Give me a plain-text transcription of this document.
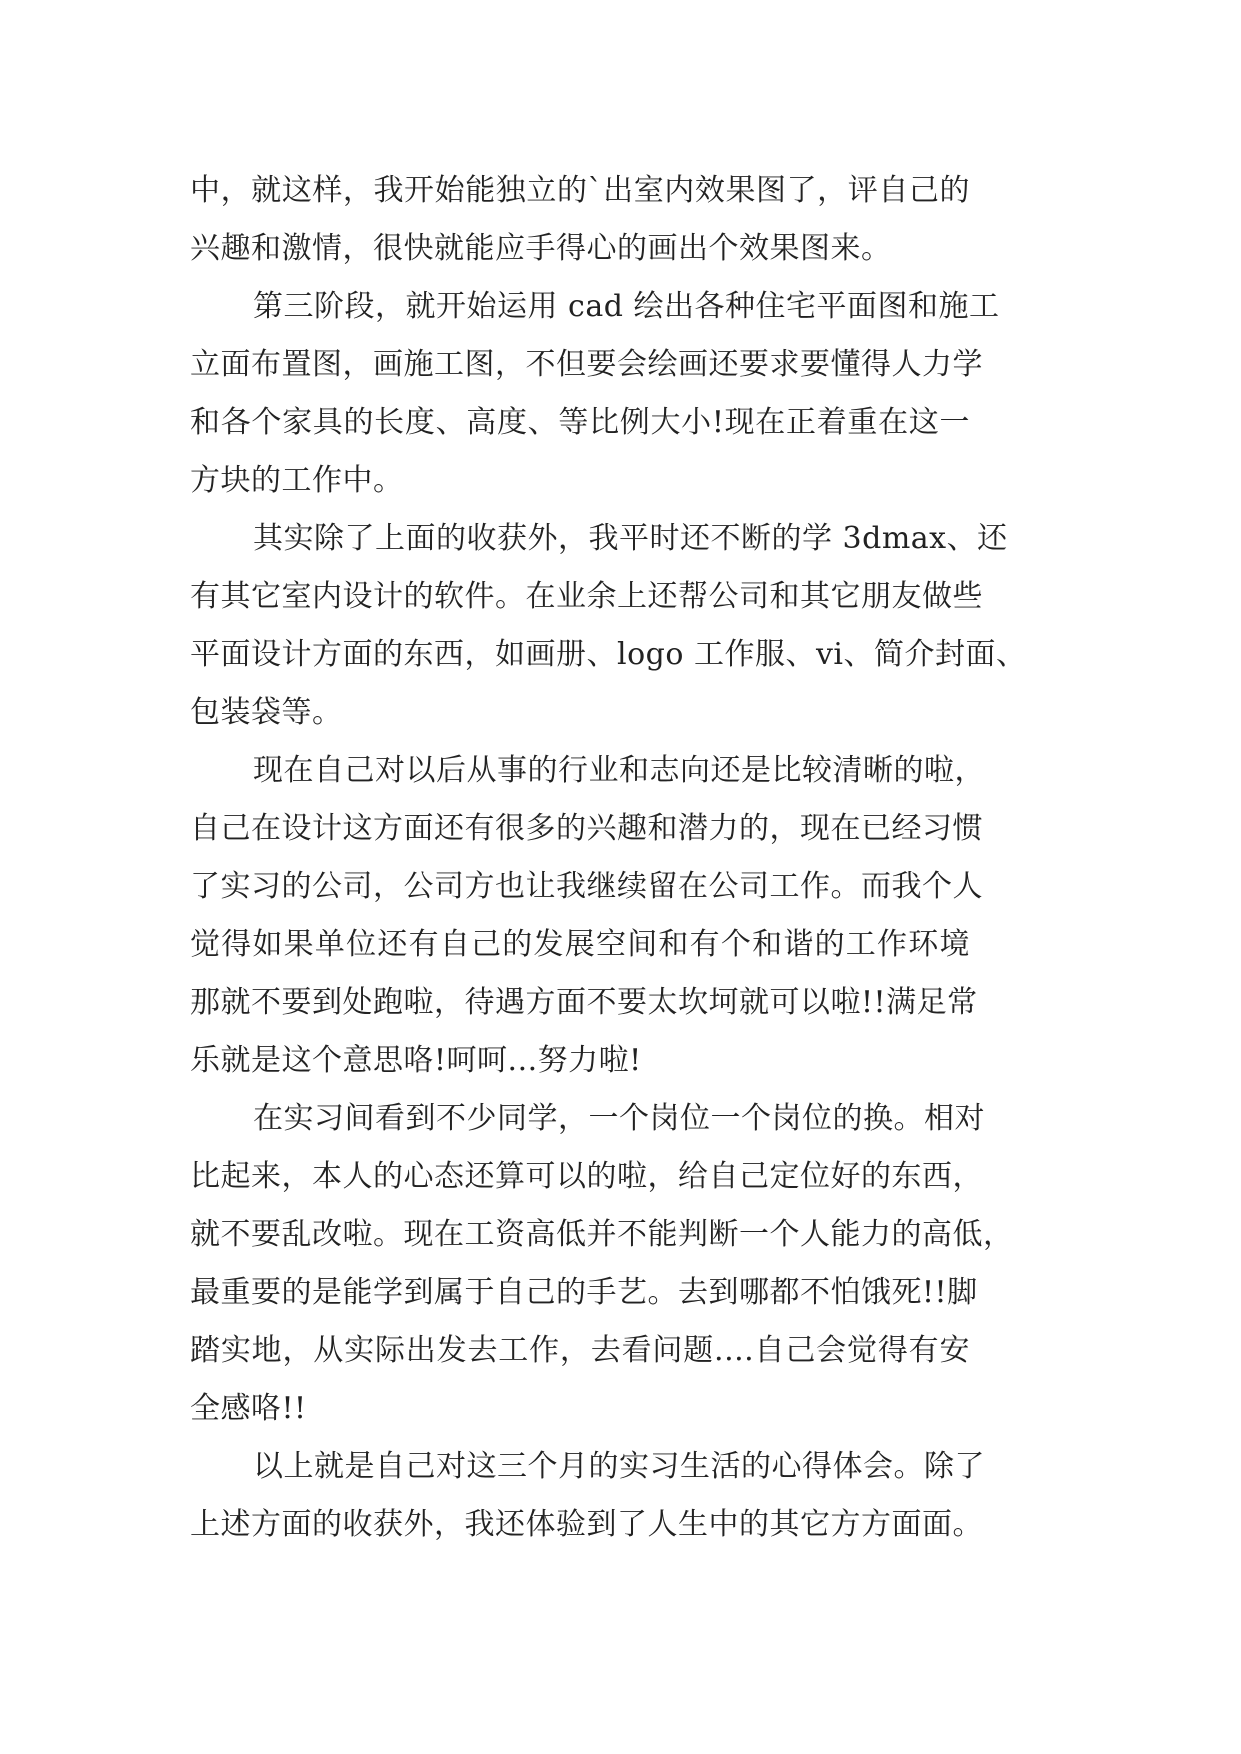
中，就这样，我开始能独立的`出室内效果图了，评自己的
兴趣和激情，很快就能应手得心的画出个效果图来。
第三阶段，就开始运用 cad 绘出各种住宅平面图和施工
立面布置图，画施工图，不但要会绘画还要求要懂得人力学
和各个家具的长度、高度、等比例大小!现在正着重在这一
方块的工作中。
其实除了上面的收获外，我平时还不断的学 3dmax、还
有其它室内设计的软件。在业余上还帮公司和其它朋友做些
平面设计方面的东西，如画册、logo 工作服、vi、简介封面、
包装袋等。
现在自己对以后从事的行业和志向还是比较清晰的啦，
自己在设计这方面还有很多的兴趣和潜力的，现在已经习惯
了实习的公司，公司方也让我继续留在公司工作。而我个人
觉得如果单位还有自己的发展空间和有个和谐的工作环境
那就不要到处跑啦，待遇方面不要太坎坷就可以啦!!满足常
乐就是这个意思咯!呵呵...努力啦!
在实习间看到不少同学，一个岗位一个岗位的换。相对
比起来，本人的心态还算可以的啦，给自己定位好的东西，
就不要乱改啦。现在工资高低并不能判断一个人能力的高低，
最重要的是能学到属于自己的手艺。去到哪都不怕饿死!!脚
踏实地，从实际出发去工作，去看问题....自己会觉得有安
全感咯!!
以上就是自己对这三个月的实习生活的心得体会。除了
上述方面的收获外，我还体验到了人生中的其它方方面面。
